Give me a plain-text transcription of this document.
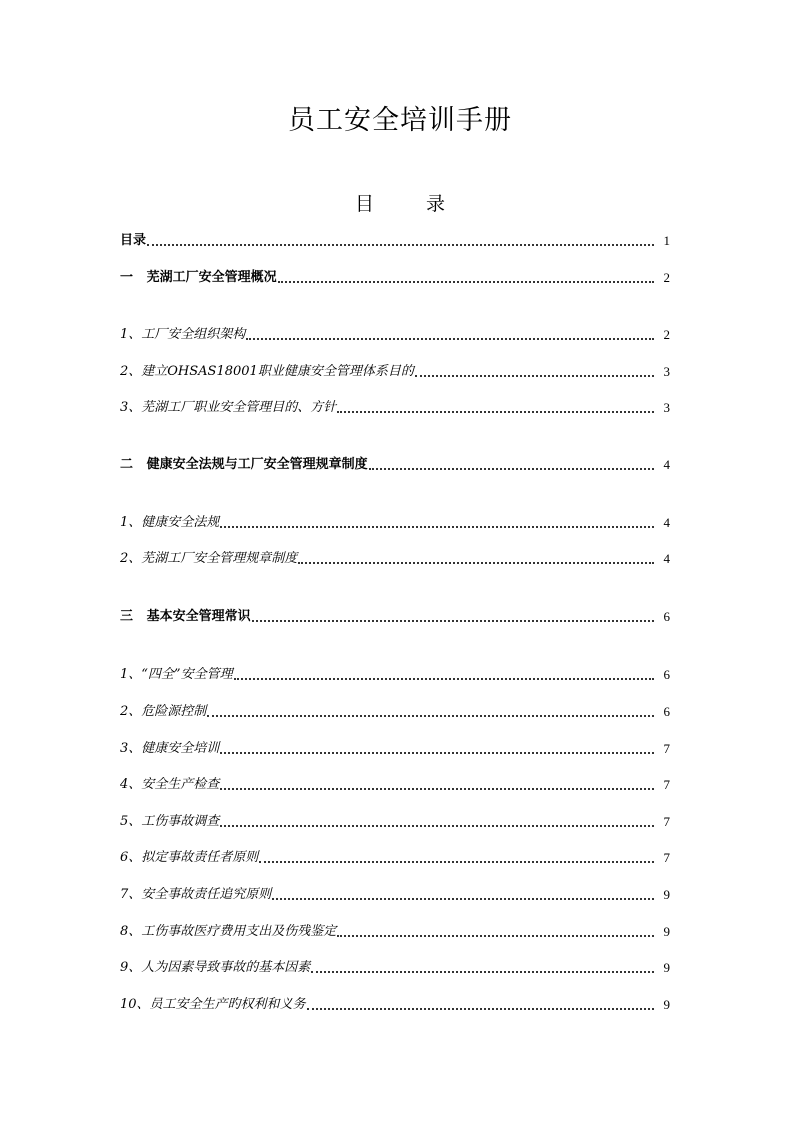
员工安全培训手册
目	录
目录	1
一   芜湖工厂安全管理概况	2
1、工厂安全组织架构	2
2、建立OHSAS18001职业健康安全管理体系目的	3
3、芜湖工厂职业安全管理目的、方针	3
二   健康安全法规与工厂安全管理规章制度	4
1、健康安全法规	4
2、芜湖工厂安全管理规章制度	4
三   基本安全管理常识	6
1、“四全”安全管理	6
2、危险源控制	6
3、健康安全培训	7
4、安全生产检查	7
5、工伤事故调查	7
6、拟定事故责任者原则	7
7、安全事故责任追究原则	9
8、工伤事故医疗费用支出及伤残鉴定	9
9、人为因素导致事故的基本因素	9
10、员工安全生产旳权利和义务	9
